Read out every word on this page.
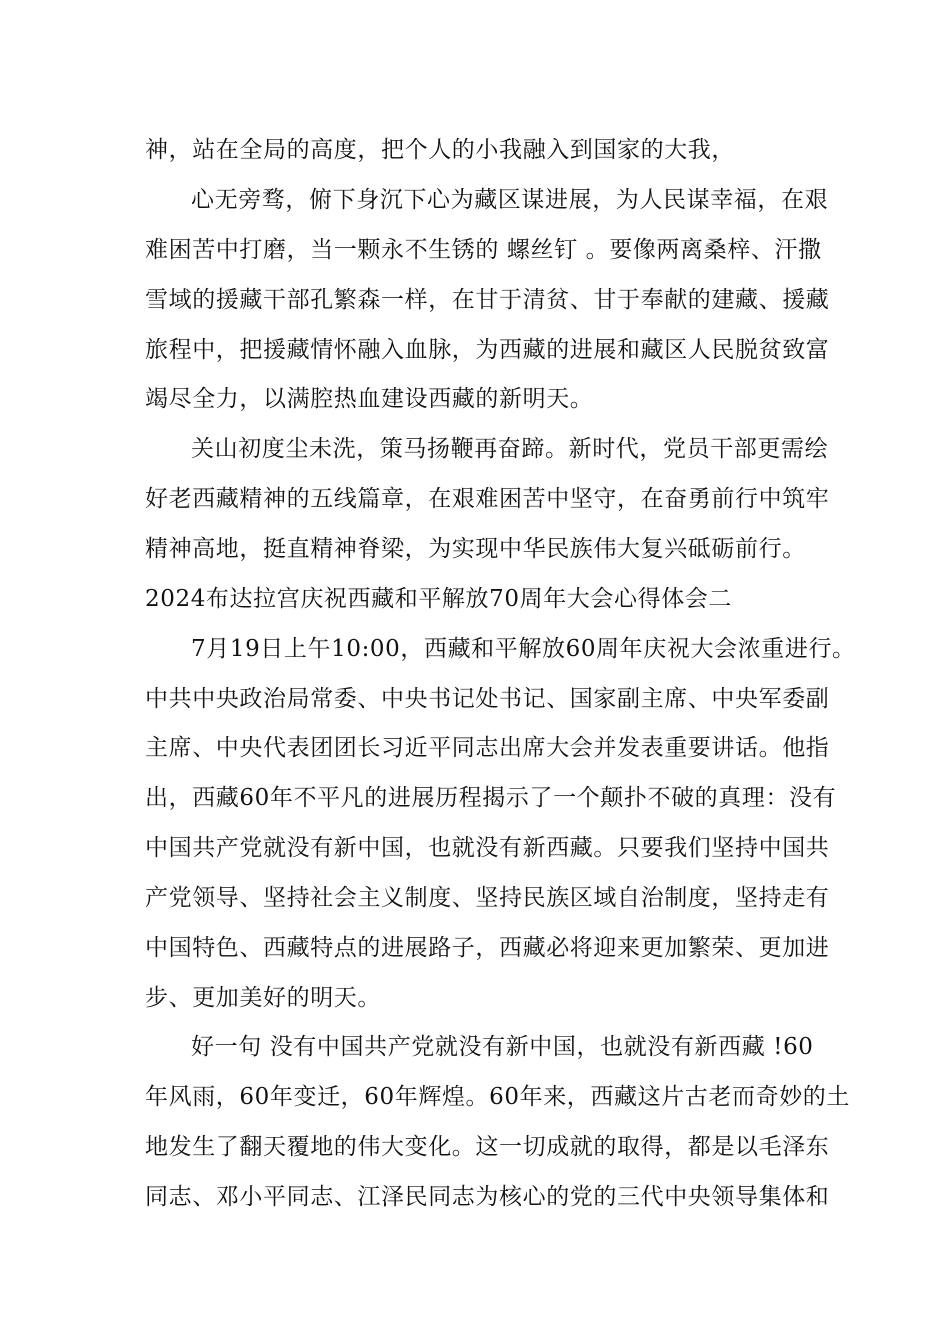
神，站在全局的高度，把个人的小我融入到国家的大我，
心无旁骛，俯下身沉下心为藏区谋进展，为人民谋幸福，在艰
难困苦中打磨，当一颗永不生锈的 螺丝钉 。要像两离桑梓、汗撒
雪域的援藏干部孔繁森一样，在甘于清贫、甘于奉献的建藏、援藏
旅程中，把援藏情怀融入血脉，为西藏的进展和藏区人民脱贫致富
竭尽全力，以满腔热血建设西藏的新明天。
关山初度尘未洗，策马扬鞭再奋蹄。新时代，党员干部更需绘
好老西藏精神的五线篇章，在艰难困苦中坚守，在奋勇前行中筑牢
精神高地，挺直精神脊梁，为实现中华民族伟大复兴砥砺前行。
2024布达拉宫庆祝西藏和平解放70周年大会心得体会二
7月19日上午10:00，西藏和平解放60周年庆祝大会浓重进行。
中共中央政治局常委、中央书记处书记、国家副主席、中央军委副
主席、中央代表团团长习近平同志出席大会并发表重要讲话。他指
出，西藏60年不平凡的进展历程揭示了一个颠扑不破的真理：没有
中国共产党就没有新中国，也就没有新西藏。只要我们坚持中国共
产党领导、坚持社会主义制度、坚持民族区域自治制度，坚持走有
中国特色、西藏特点的进展路子，西藏必将迎来更加繁荣、更加进
步、更加美好的明天。
好一句 没有中国共产党就没有新中国，也就没有新西藏 !60
年风雨，60年变迁，60年辉煌。60年来，西藏这片古老而奇妙的土
地发生了翻天覆地的伟大变化。这一切成就的取得，都是以毛泽东
同志、邓小平同志、江泽民同志为核心的党的三代中央领导集体和
